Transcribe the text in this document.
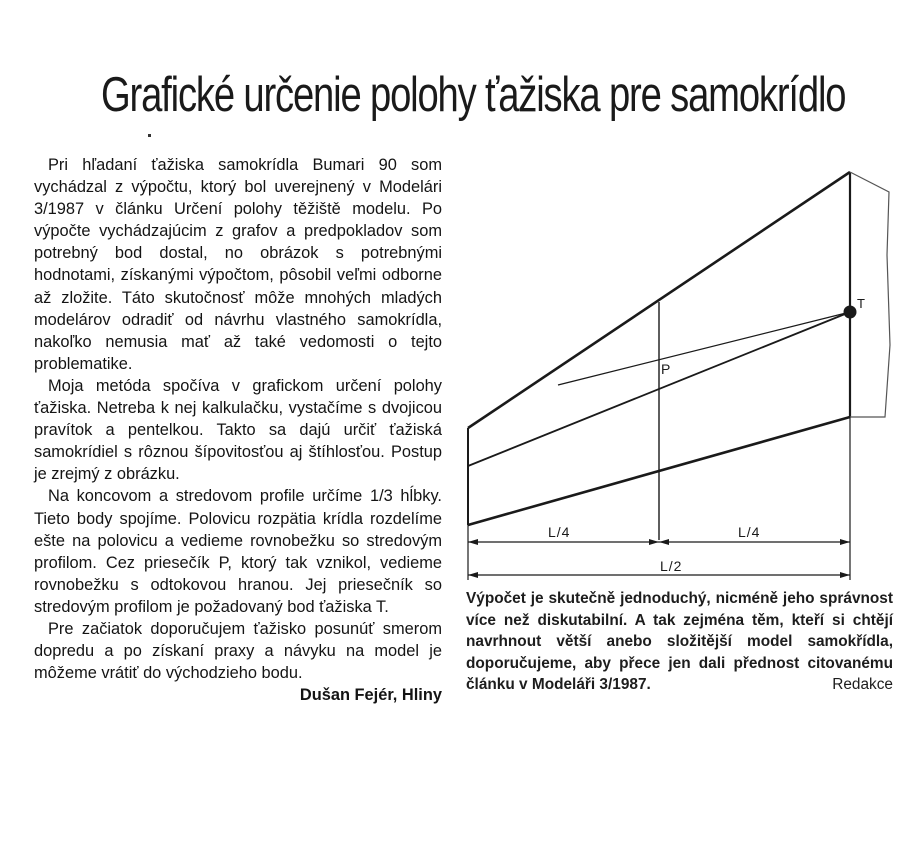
Grafické určenie polohy ťažiska pre samokrídlo

Pri hľadaní ťažiska samokrídla Bumari 90 som vychádzal z výpočtu, ktorý bol uverejnený v Modelári 3/1987 v článku Určení polohy těžiště modelu. Po výpočte vychádzajúcim z grafov a predpokladov som potrebný bod dostal, no obrázok s potrebnými hodnotami, získanými výpočtom, pôsobil veľmi odborne až zložite. Táto skutočnosť môže mnohých mladých modelárov odradiť od návrhu vlastného samokrídla, nakoľko nemusia mať až také vedomosti o tejto problematike.

Moja metóda spočíva v grafickom určení polohy ťažiska. Netreba k nej kalkulačku, vystačíme s dvojicou pravítok a pentelkou. Takto sa dajú určiť ťažiská samokrídiel s rôznou šípovitosťou aj štíhlosťou. Postup je zrejmý z obrázku.

Na koncovom a stredovom profile určíme 1/3 hĺbky. Tieto body spojíme. Polovicu rozpätia krídla rozdelíme ešte na polovicu a vedieme rovnobežku so stredovým profilom. Cez priesečík P, ktorý tak vznikol, vedieme rovnobežku s odtokovou hranou. Jej priesečník so stredovým profilom je požadovaný bod ťažiska T.

Pre začiatok doporučujem ťažisko posunúť smerom dopredu a po získaní praxy a návyku na model je môžeme vrátiť do východzieho bodu.
Dušan Fejér, Hliny

P
T
L/4	L/4
L/2
Výpočet je skutečně jednoduchý, nicméně jeho správnost více než diskutabilní. A tak zejména těm, kteří si chtějí navrhnout větší anebo složitější model samokřídla, doporučujeme, aby přece jen dali přednost citovanému článku v Modeláři 3/1987.	Redakce
